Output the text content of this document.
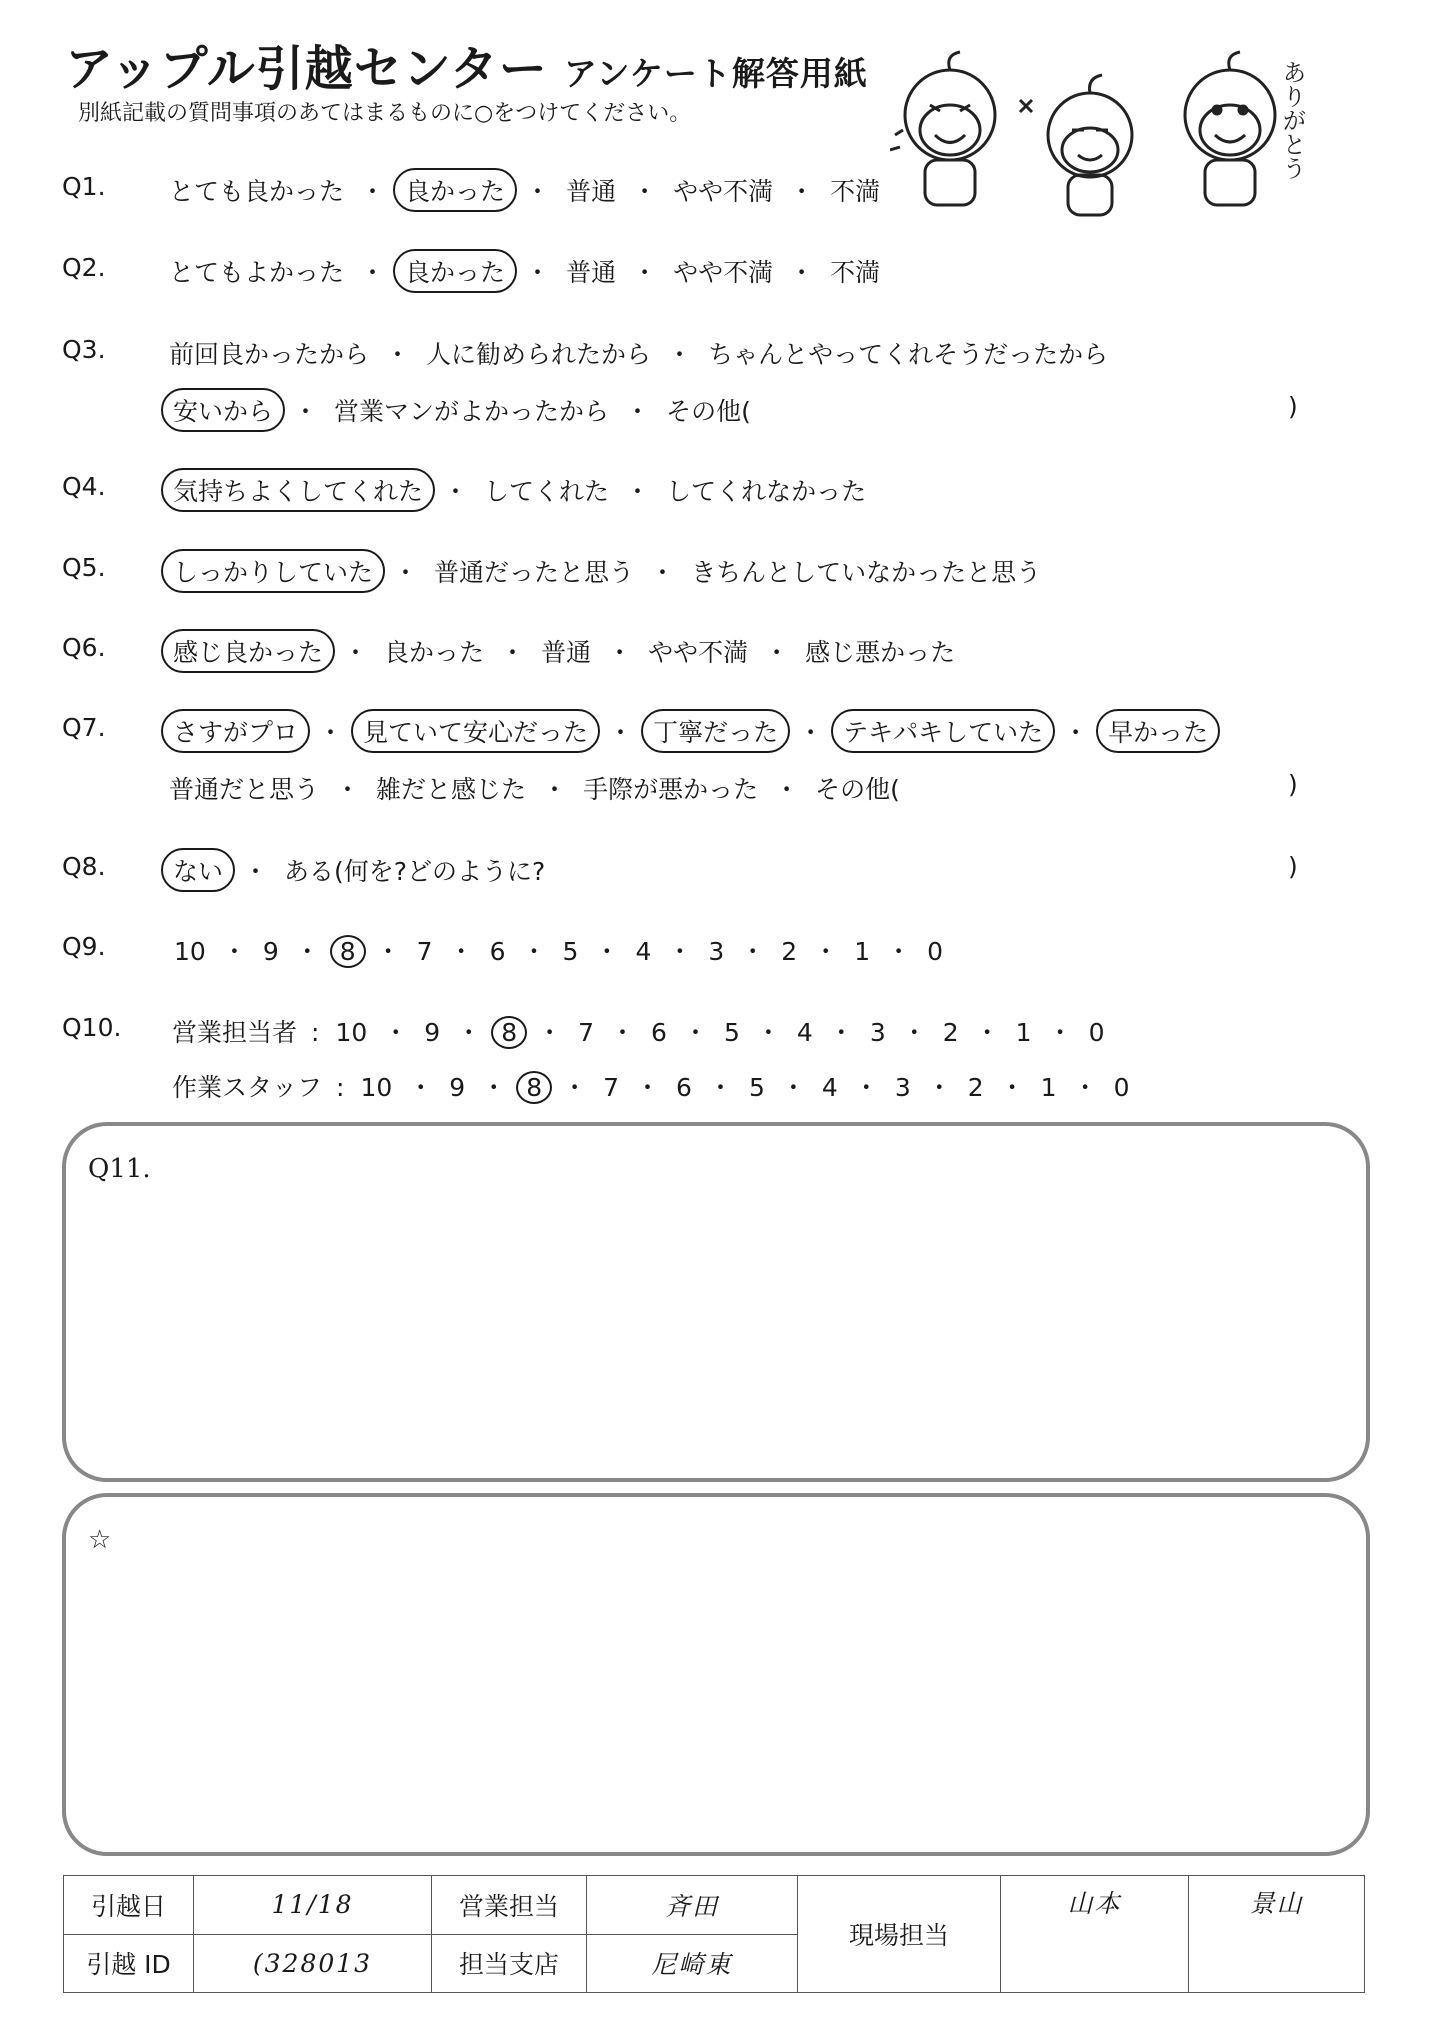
アップル引越センター アンケート解答用紙
別紙記載の質問事項のあてはまるものに○をつけてください。	ありがとう
Q1.	とても良かった ・ 良かった ・ 普通 ・ やや不満 ・ 不満
Q2.	とてもよかった ・ 良かった ・ 普通 ・ やや不満 ・ 不満
Q3.	前回良かったから ・ 人に勧められたから ・ ちゃんとやってくれそうだったから
安いから ・ 営業マンがよかったから ・ その他(	)
Q4.	気持ちよくしてくれた ・ してくれた ・ してくれなかった
Q5.	しっかりしていた ・ 普通だったと思う ・ きちんとしていなかったと思う
Q6.	感じ良かった ・ 良かった ・ 普通 ・ やや不満 ・ 感じ悪かった
Q7.	さすがプロ ・ 見ていて安心だった ・ 丁寧だった ・ テキパキしていた ・ 早かった
普通だと思う ・ 雑だと感じた ・ 手際が悪かった ・ その他(	)
Q8.	ない ・ ある(何を?どのように?	)
Q9.	10 ・ 9 ・ 8 ・ 7 ・ 6 ・ 5 ・ 4 ・ 3 ・ 2 ・ 1 ・ 0
Q10. 営業担当者 : 10 ・ 9 ・ 8 ・ 7 ・ 6 ・ 5 ・ 4 ・ 3 ・ 2 ・ 1 ・ 0
作業スタッフ : 10 ・ 9 ・ 8 ・ 7 ・ 6 ・ 5 ・ 4 ・ 3 ・ 2 ・ 1 ・ 0
Q11.
☆
引越日	11/18	営業担当	斉田	現場担当	山本	景山
引越 ID	(328013	担当支店	尼崎東			
